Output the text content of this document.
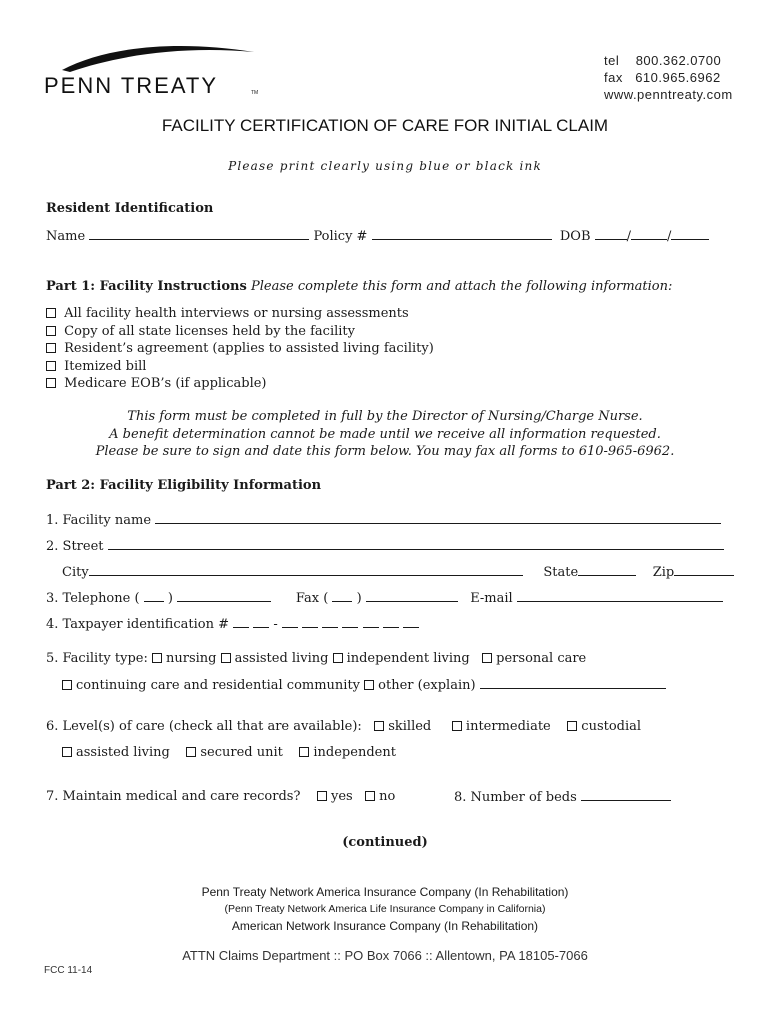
PENN TREATY	TM
tel 800.362.0700
fax 610.965.6962
www.penntreaty.com
FACILITY CERTIFICATION OF CARE FOR INITIAL CLAIM
Please print clearly using blue or black ink
Resident Identification
Name	Policy #	DOB	/	/
Part 1: Facility Instructions Please complete this form and attach the following information:
All facility health interviews or nursing assessments
Copy of all state licenses held by the facility
Resident’s agreement (applies to assisted living facility)
Itemized bill
Medicare EOB’s (if applicable)
This form must be completed in full by the Director of Nursing/Charge Nurse.
A benefit determination cannot be made until we receive all information requested.
Please be sure to sign and date this form below. You may fax all forms to 610-965-6962.
Part 2: Facility Eligibility Information
1. Facility name
2. Street
City	State	Zip
3. Telephone ( )	Fax ( )	E-mail
4. Taxpayer identification #	-
5. Facility type: nursing assisted living independent living personal care
continuing care and residential community other (explain)
6. Level(s) of care (check all that are available): skilled	intermediate custodial
assisted living secured unit independent
7. Maintain medical and care records? yes no	8. Number of beds
(continued)
Penn Treaty Network America Insurance Company (In Rehabilitation)
(Penn Treaty Network America Life Insurance Company in California)
American Network Insurance Company (In Rehabilitation)
ATTN Claims Department :: PO Box 7066 :: Allentown, PA 18105-7066
FCC 11-14
